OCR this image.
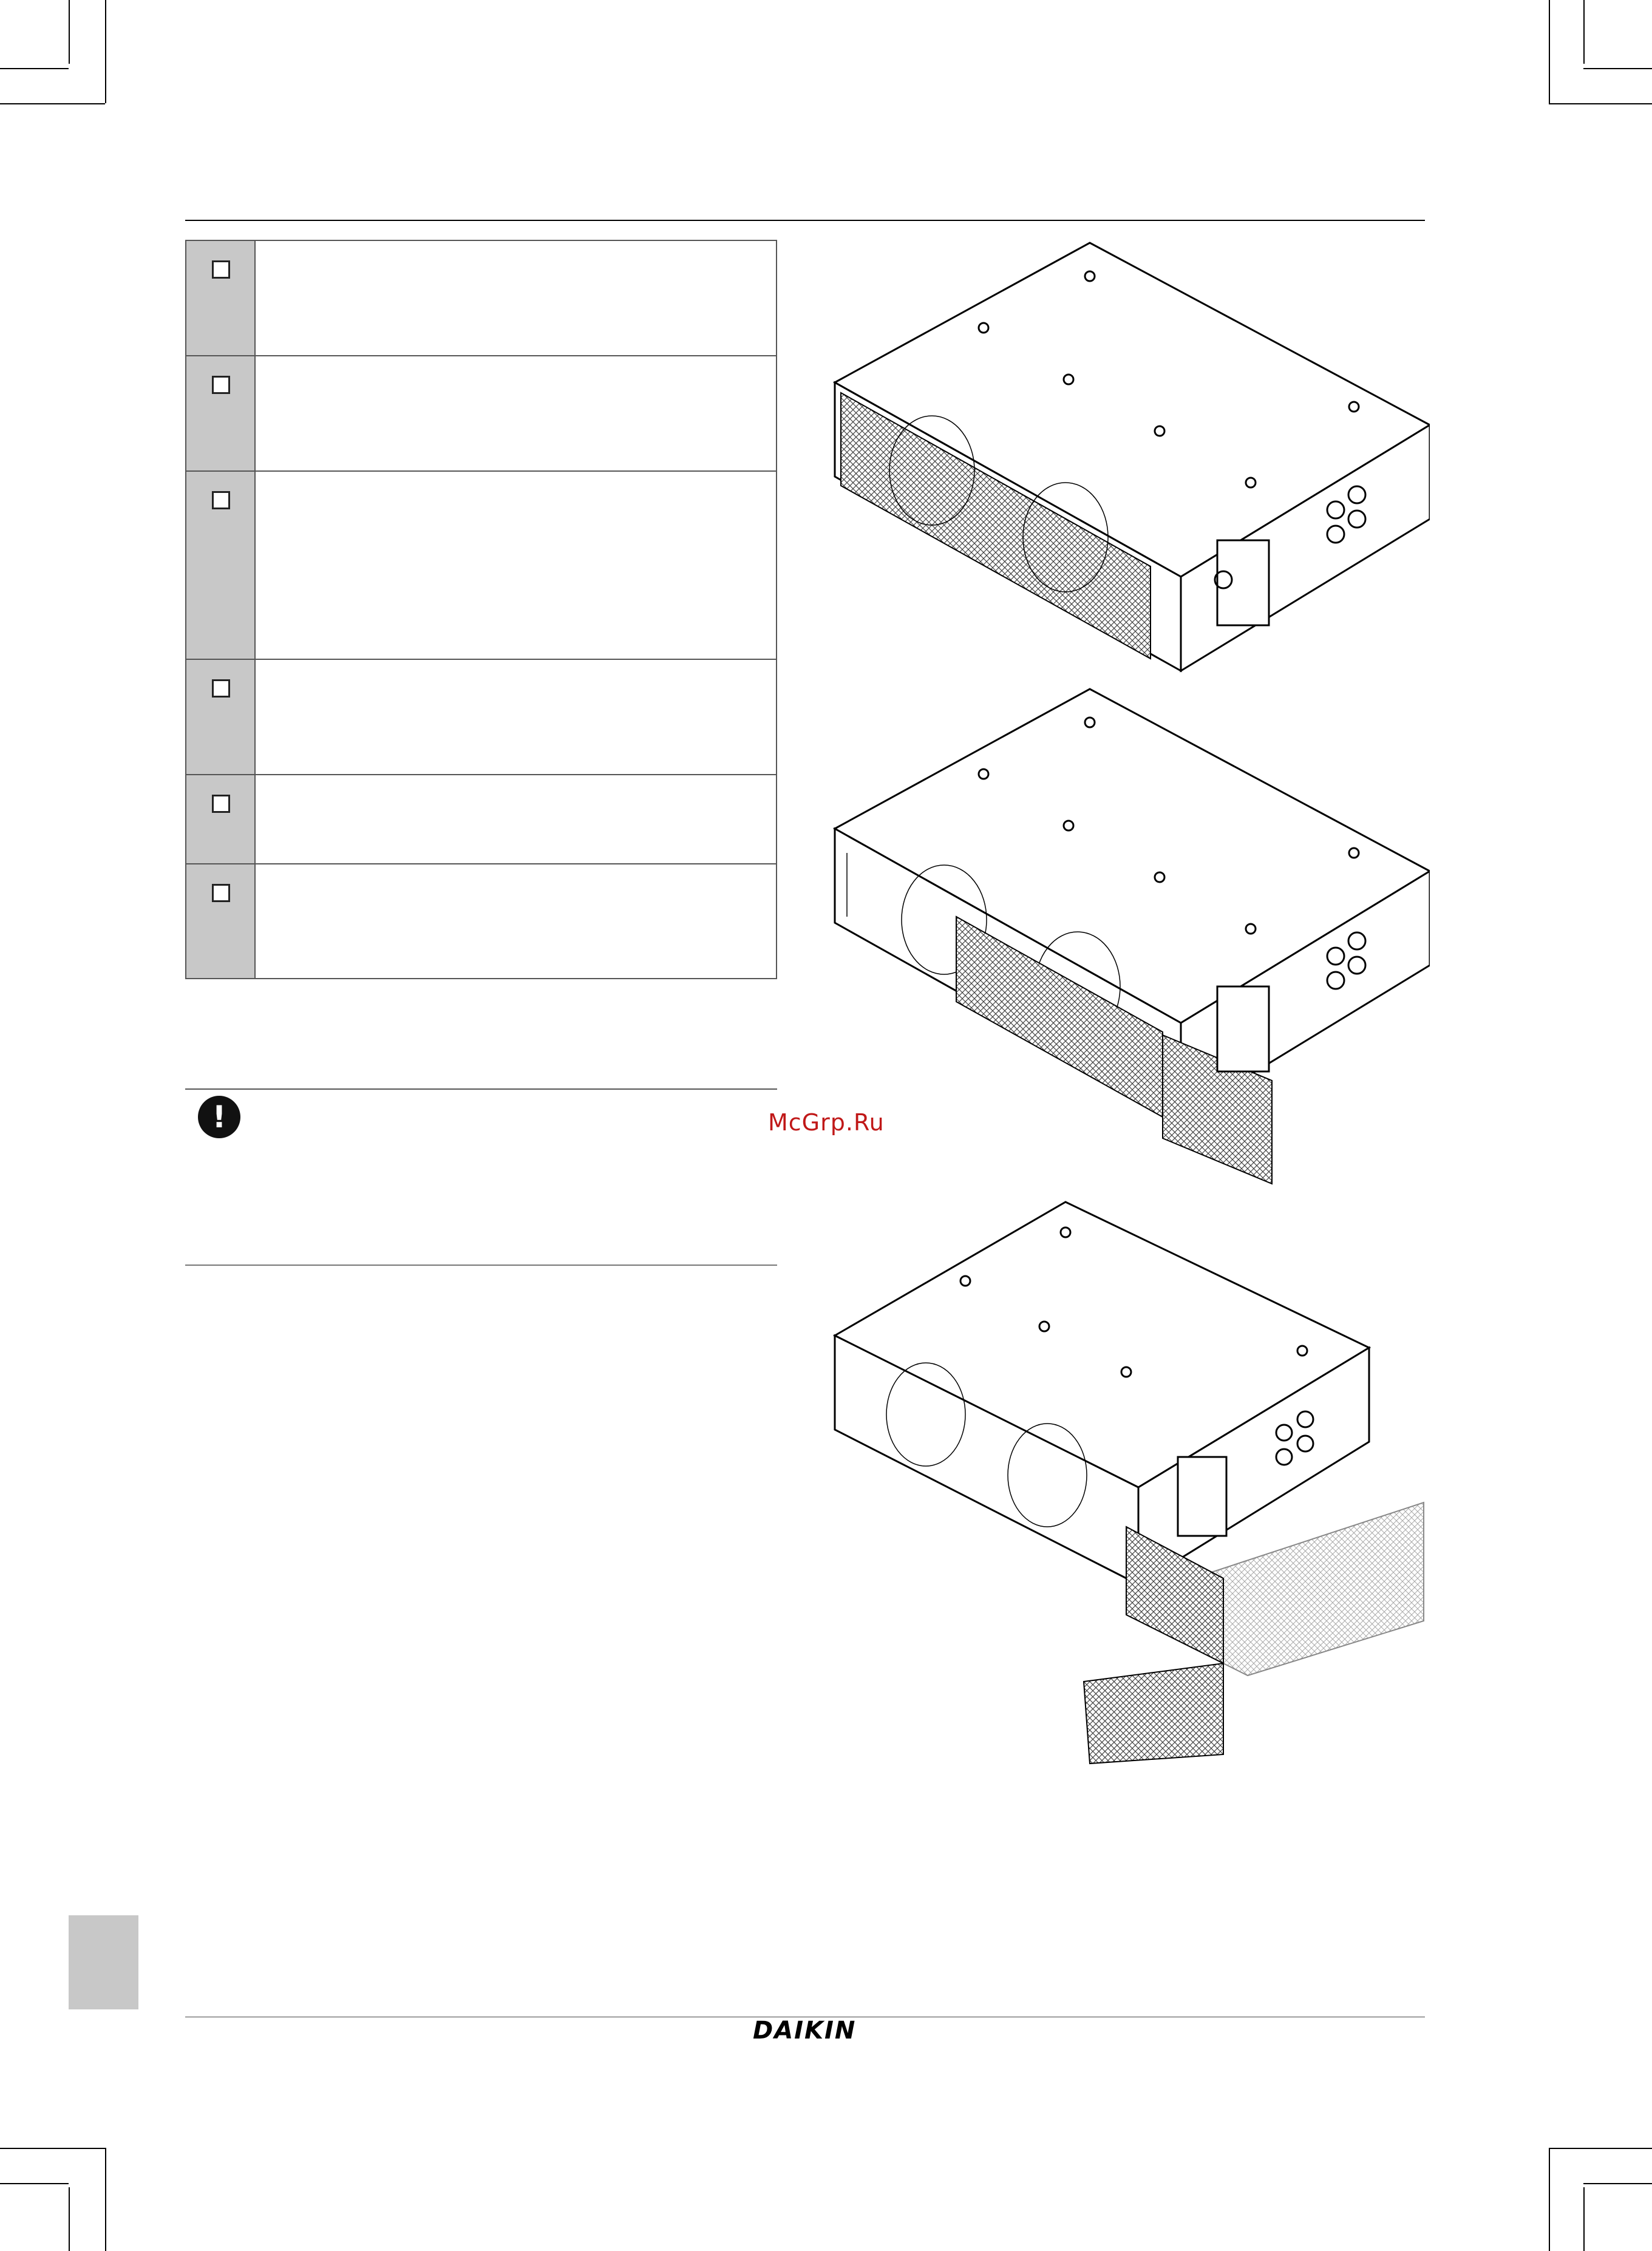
!	McGrp.Ru
DAIKIN
